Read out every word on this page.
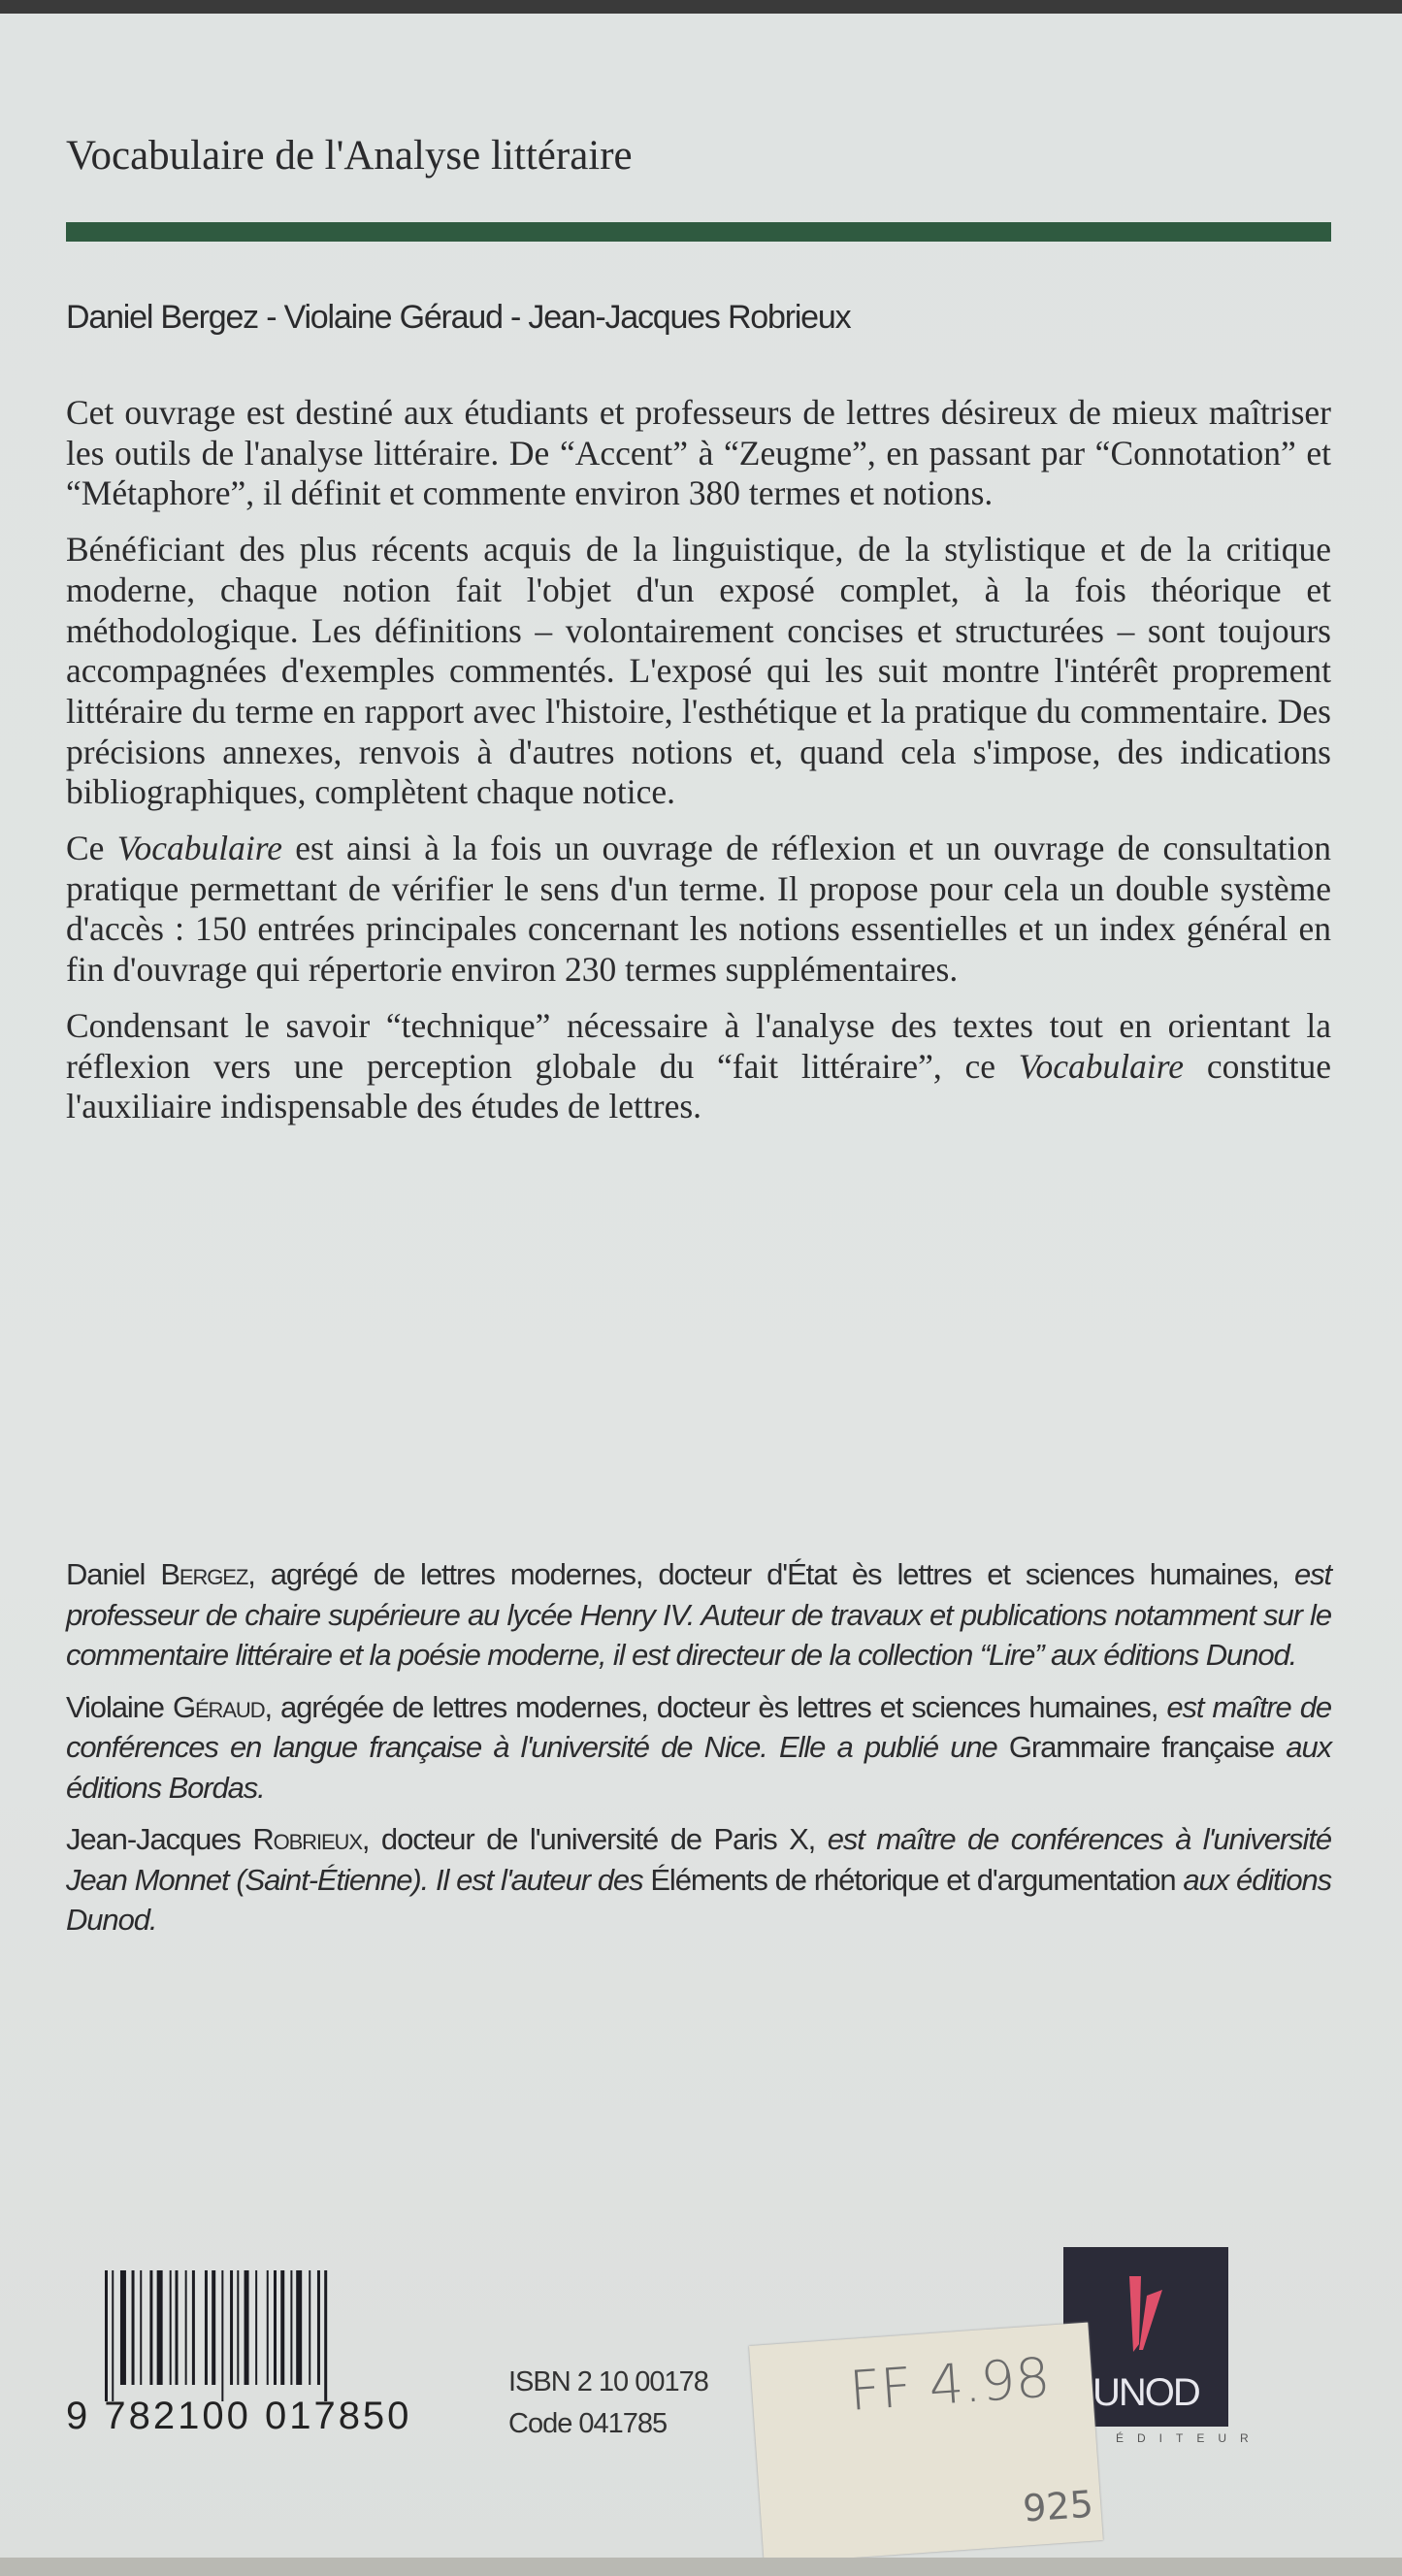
Vocabulaire de l'Analyse littéraire
Daniel Bergez - Violaine Géraud - Jean-Jacques Robrieux

Cet ouvrage est destiné aux étudiants et professeurs de lettres désireux de mieux maîtriser les outils de l'analyse littéraire. De “Accent” à “Zeugme”, en passant par “Connotation” et “Métaphore”, il définit et commente environ 380 termes et notions.

Bénéficiant des plus récents acquis de la linguistique, de la stylistique et de la critique moderne, chaque notion fait l'objet d'un exposé complet, à la fois théorique et méthodologique. Les définitions – volontairement concises et structurées – sont toujours accompagnées d'exemples commentés. L'exposé qui les suit montre l'intérêt proprement littéraire du terme en rapport avec l'histoire, l'esthétique et la pratique du commentaire. Des précisions annexes, renvois à d'autres notions et, quand cela s'impose, des indications bibliographiques, complètent chaque notice.

Ce Vocabulaire est ainsi à la fois un ouvrage de réflexion et un ouvrage de consultation pratique permettant de vérifier le sens d'un terme. Il propose pour cela un double système d'accès : 150 entrées principales concernant les notions essentielles et un index général en fin d'ouvrage qui répertorie environ 230 termes supplémentaires.

Condensant le savoir “technique” nécessaire à l'analyse des textes tout en orientant la réflexion vers une perception globale du “fait littéraire”, ce Vocabulaire constitue l'auxiliaire indispensable des études de lettres.

Daniel Bergez, agrégé de lettres modernes, docteur d'État ès lettres et sciences humaines, est professeur de chaire supérieure au lycée Henry IV. Auteur de travaux et publications notamment sur le commentaire littéraire et la poésie moderne, il est directeur de la collection “Lire” aux éditions Dunod.

Violaine Géraud, agrégée de lettres modernes, docteur ès lettres et sciences humaines, est maître de conférences en langue française à l'université de Nice. Elle a publié une Grammaire française aux éditions Bordas.

Jean-Jacques Robrieux, docteur de l'université de Paris X, est maître de conférences à l'université Jean Monnet (Saint-Étienne). Il est l'auteur des Éléments de rhétorique et d'argumentation aux éditions Dunod.

9 782100 017850
ISBN 2 10 00178
Code 041785
UNOD
ÉDITEUR
FF 4.98
925
